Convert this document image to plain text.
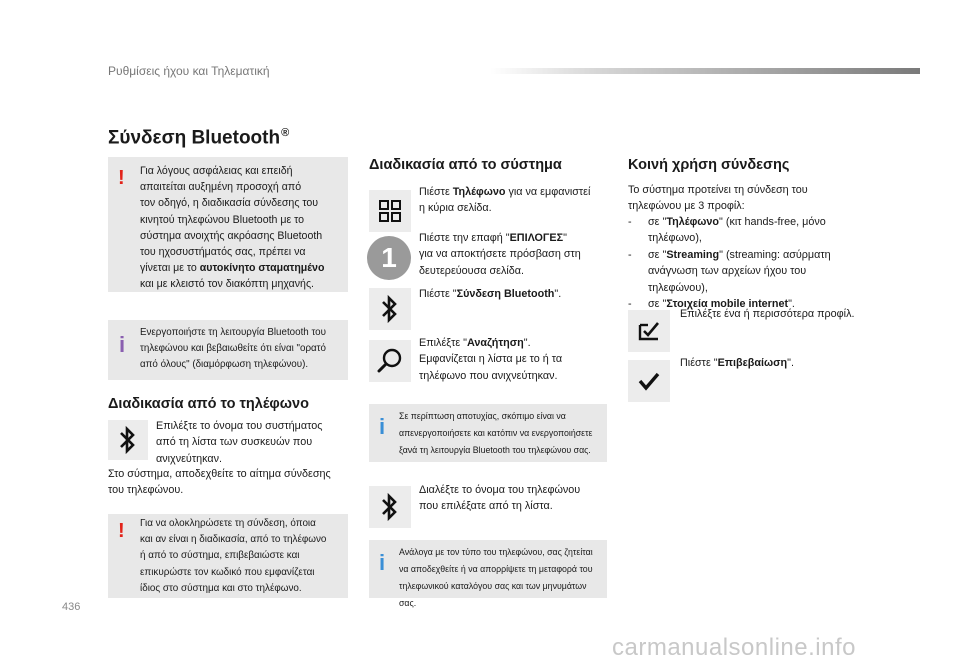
Ρυθμίσεις ήχου και Τηλεματική
Σύνδεση Bluetooth®
! Για λόγους ασφάλειας και επειδή
απαιτείται αυξημένη προσοχή από
τον οδηγό, η διαδικασία σύνδεσης του
κινητού τηλεφώνου Bluetooth με το
σύστημα ανοιχτής ακρόασης Bluetooth
του ηχοσυστήματός σας, πρέπει να
γίνεται με το αυτοκίνητο σταματημένο
και με κλειστό τον διακόπτη μηχανής.
i Ενεργοποιήστε τη λειτουργία Bluetooth του
τηλεφώνου και βεβαιωθείτε ότι είναι "ορατό
από όλους" (διαμόρφωση τηλεφώνου).
Διαδικασία από το τηλέφωνο
Επιλέξτε το όνομα του συστήματος
από τη λίστα των συσκευών που
ανιχνεύτηκαν.
Στο σύστημα, αποδεχθείτε το αίτημα σύνδεσης
του τηλεφώνου.
! Για να ολοκληρώσετε τη σύνδεση, όποια
και αν είναι η διαδικασία, από το τηλέφωνο
ή από το σύστημα, επιβεβαιώστε και
επικυρώστε τον κωδικό που εμφανίζεται
ίδιος στο σύστημα και στο τηλέφωνο.
Διαδικασία από το σύστημα
Πιέστε Τηλέφωνο για να εμφανιστεί
η κύρια σελίδα.
1
Πιέστε την επαφή "ΕΠΙΛΟΓΕΣ"
για να αποκτήσετε πρόσβαση στη
δευτερεύουσα σελίδα.
Πιέστε "Σύνδεση Bluetooth".
Επιλέξτε "Αναζήτηση".
Εμφανίζεται η λίστα με το ή τα
τηλέφωνο που ανιχνεύτηκαν.
i Σε περίπτωση αποτυχίας, σκόπιμο είναι να
απενεργοποιήσετε και κατόπιν να ενεργοποιήσετε
ξανά τη λειτουργία Bluetooth του τηλεφώνου σας.
Διαλέξτε το όνομα του τηλεφώνου
που επιλέξατε από τη λίστα.
i Ανάλογα με τον τύπο του τηλεφώνου, σας ζητείται
να αποδεχθείτε ή να απορρίψετε τη μεταφορά του
τηλεφωνικού καταλόγου σας και των μηνυμάτων σας.
Κοινή χρήση σύνδεσης
Το σύστημα προτείνει τη σύνδεση του
τηλεφώνου με 3 προφίλ:
-	σε "Τηλέφωνο" (κιτ hands-free, μόνο
τηλέφωνο),
-	σε "Streaming" (streaming: ασύρματη
ανάγνωση των αρχείων ήχου του
τηλεφώνου),
-	σε "Στοιχεία mobile internet".
Επιλέξτε ένα ή περισσότερα προφίλ.
Πιέστε "Επιβεβαίωση".
436
carmanualsonline.info
